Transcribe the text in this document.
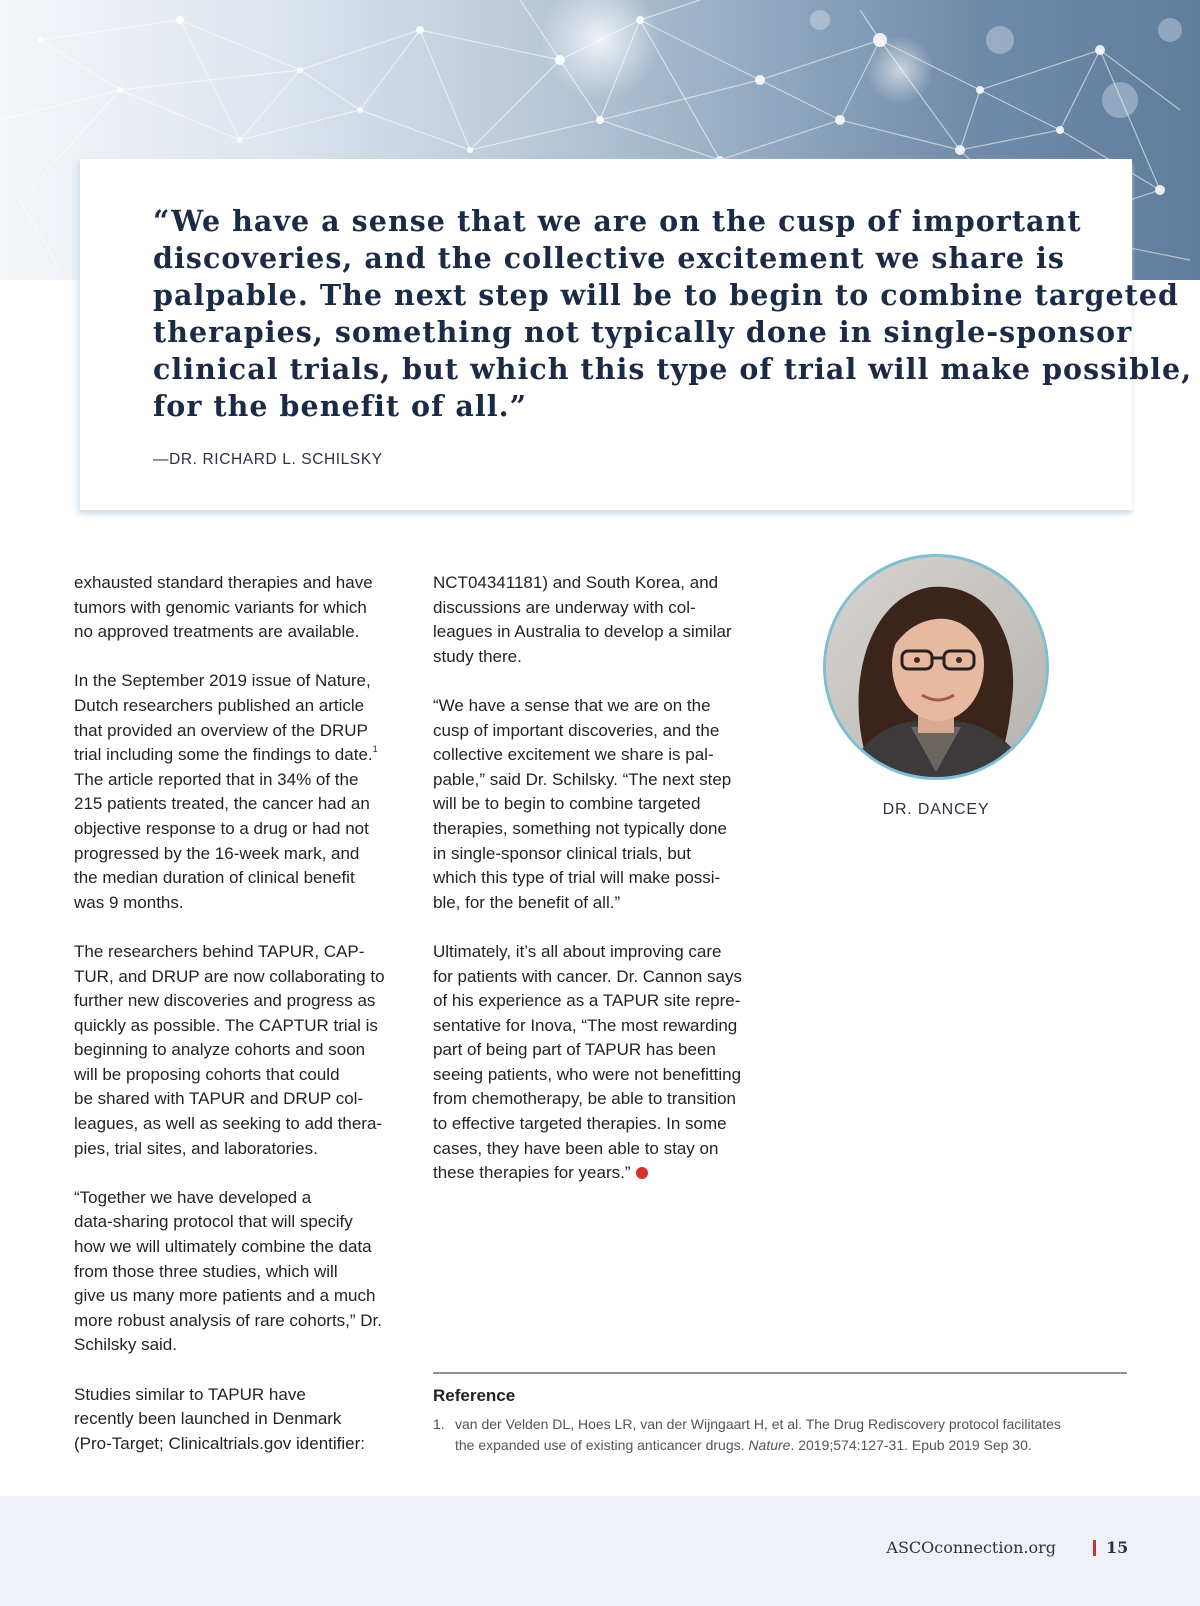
“We have a sense that we are on the cusp of important
discoveries, and the collective excitement we share is
palpable. The next step will be to begin to combine targeted
therapies, something not typically done in single-sponsor
clinical trials, but which this type of trial will make possible,
for the benefit of all.”
—DR. RICHARD L. SCHILSKY
exhausted standard therapies and have
tumors with genomic variants for which
no approved treatments are available.
In the September 2019 issue of Nature,
Dutch researchers published an article
that provided an overview of the DRUP
trial including some the findings to date.$^1$
The article reported that in 34% of the
215 patients treated, the cancer had an
objective response to a drug or had not
progressed by the 16-week mark, and
the median duration of clinical benefit
was 9 months.
The researchers behind TAPUR, CAP-
TUR, and DRUP are now collaborating to
further new discoveries and progress as
quickly as possible. The CAPTUR trial is
beginning to analyze cohorts and soon
will be proposing cohorts that could
be shared with TAPUR and DRUP col-
leagues, as well as seeking to add thera-
pies, trial sites, and laboratories.
“Together we have developed a
data-sharing protocol that will specify
how we will ultimately combine the data
from those three studies, which will
give us many more patients and a much
more robust analysis of rare cohorts,” Dr.
Schilsky said.
Studies similar to TAPUR have
recently been launched in Denmark
(Pro-Target; Clinicaltrials.gov identifier:
NCT04341181) and South Korea, and
discussions are underway with col-
leagues in Australia to develop a similar
study there.
“We have a sense that we are on the
cusp of important discoveries, and the
collective excitement we share is pal-
pable,” said Dr. Schilsky. “The next step
will be to begin to combine targeted
therapies, something not typically done
in single-sponsor clinical trials, but
which this type of trial will make possi-
ble, for the benefit of all.”
Ultimately, it’s all about improving care
for patients with cancer. Dr. Cannon says
of his experience as a TAPUR site repre-
sentative for Inova, “The most rewarding
part of being part of TAPUR has been
seeing patients, who were not benefitting
from chemotherapy, be able to transition
to effective targeted therapies. In some
cases, they have been able to stay on
these therapies for years.”
DR. DANCEY
Reference
1. van der Velden DL, Hoes LR, van der Wijngaart H, et al. The Drug Rediscovery protocol facilitates
the expanded use of existing anticancer drugs. Nature. 2019;574:127-31. Epub 2019 Sep 30.
ASCOconnection.org	15
